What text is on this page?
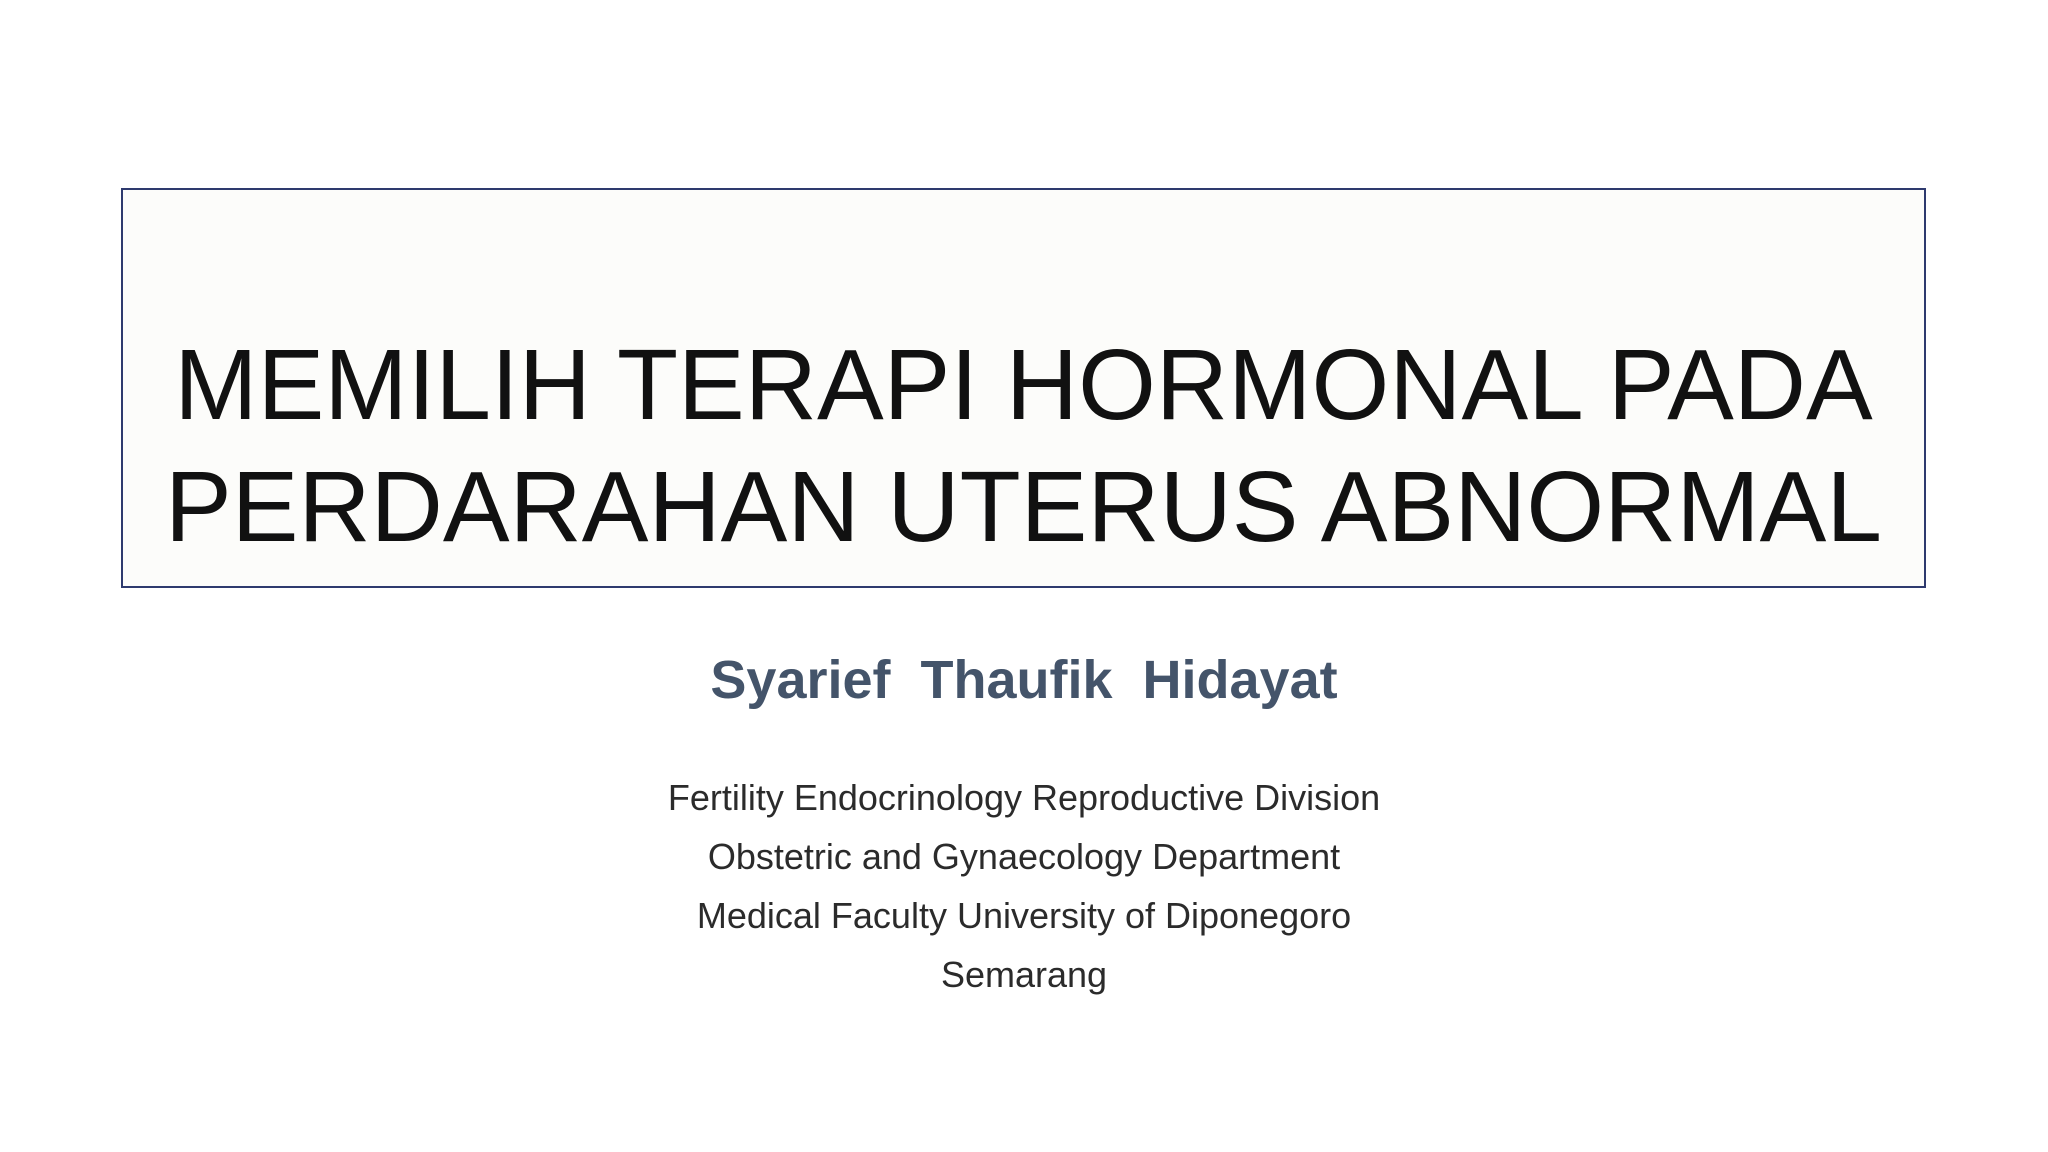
MEMILIH TERAPI HORMONAL PADA
PERDARAHAN UTERUS ABNORMAL
Syarief  Thaufik  Hidayat
Fertility Endocrinology Reproductive Division
Obstetric and Gynaecology Department
Medical Faculty University of Diponegoro
Semarang
